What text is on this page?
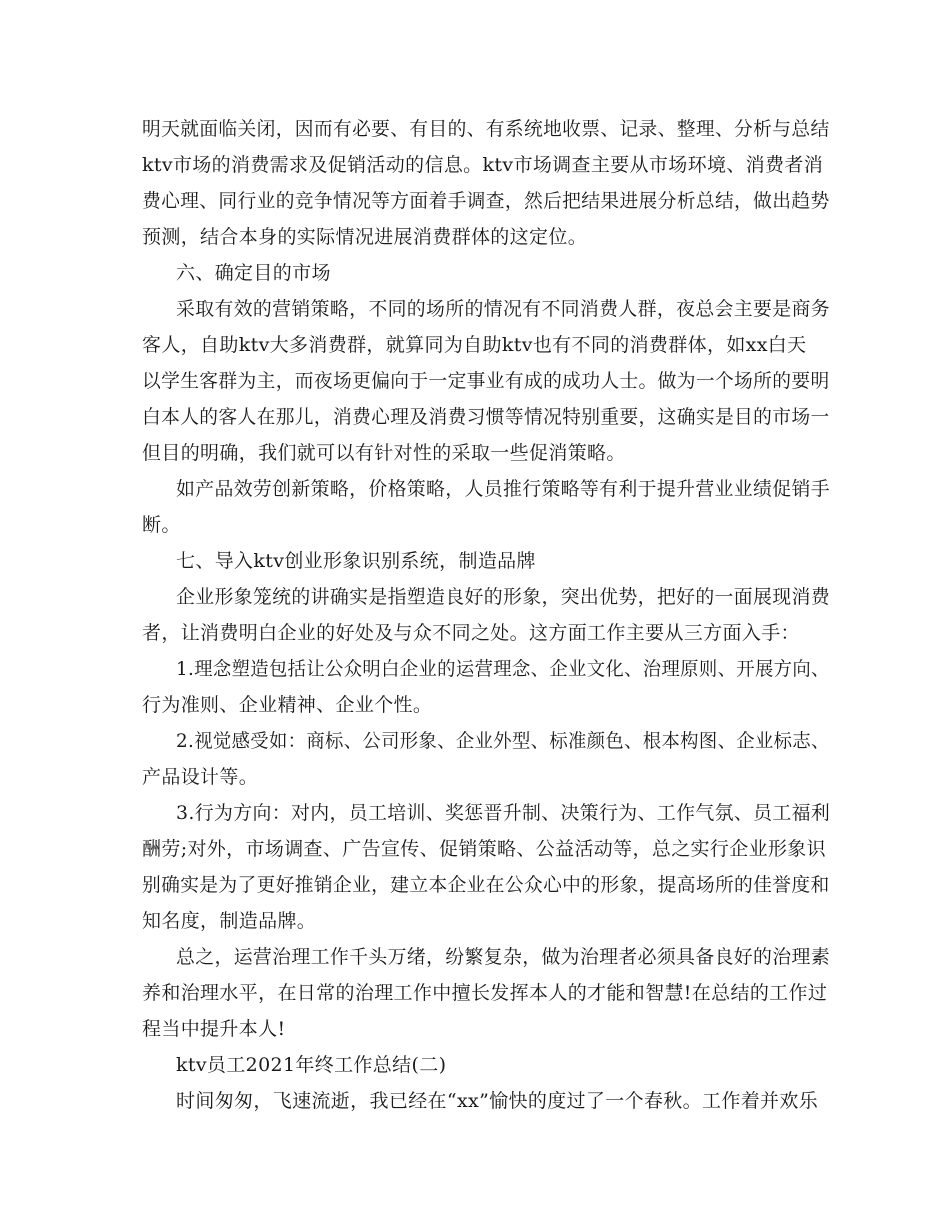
明天就面临关闭，因而有必要、有目的、有系统地收票、记录、整理、分析与总结

ktv市场的消费需求及促销活动的信息。ktv市场调查主要从市场环境、消费者消

费心理、同行业的竞争情况等方面着手调查，然后把结果进展分析总结，做出趋势

预测，结合本身的实际情况进展消费群体的这定位。

六、确定目的市场

采取有效的营销策略，不同的场所的情况有不同消费人群，夜总会主要是商务

客人，自助ktv大多消费群，就算同为自助ktv也有不同的消费群体，如xx白天

以学生客群为主，而夜场更偏向于一定事业有成的成功人士。做为一个场所的要明

白本人的客人在那儿，消费心理及消费习惯等情况特别重要，这确实是目的市场一

但目的明确，我们就可以有针对性的采取一些促消策略。

如产品效劳创新策略，价格策略，人员推行策略等有利于提升营业业绩促销手

断。

七、导入ktv创业形象识别系统，制造品牌

企业形象笼统的讲确实是指塑造良好的形象，突出优势，把好的一面展现消费

者，让消费明白企业的好处及与众不同之处。这方面工作主要从三方面入手：

1.理念塑造包括让公众明白企业的运营理念、企业文化、治理原则、开展方向、

行为准则、企业精神、企业个性。

2.视觉感受如：商标、公司形象、企业外型、标准颜色、根本构图、企业标志、

产品设计等。

3.行为方向：对内，员工培训、奖惩晋升制、决策行为、工作气氛、员工福利

酬劳;对外，市场调查、广告宣传、促销策略、公益活动等，总之实行企业形象识

别确实是为了更好推销企业，建立本企业在公众心中的形象，提高场所的佳誉度和

知名度，制造品牌。

总之，运营治理工作千头万绪，纷繁复杂，做为治理者必须具备良好的治理素

养和治理水平，在日常的治理工作中擅长发挥本人的才能和智慧!在总结的工作过

程当中提升本人!

ktv员工2021年终工作总结(二)

时间匆匆，飞速流逝，我已经在“xx”愉快的度过了一个春秋。工作着并欢乐
